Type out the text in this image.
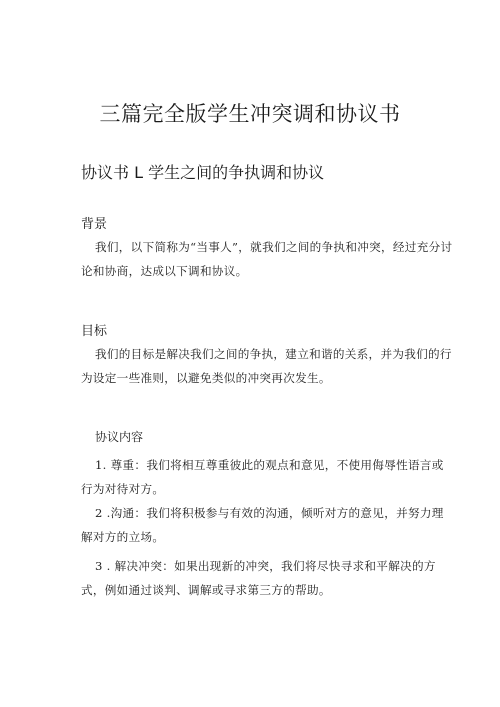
三篇完全版学生冲突调和协议书
协议书 L 学生之间的争执调和协议
背景

我们，以下简称为“当事人”，就我们之间的争执和冲突，经过充分讨论和协商，达成以下调和协议。

目标

我们的目标是解决我们之间的争执，建立和谐的关系，并为我们的行为设定一些准则，以避免类似的冲突再次发生。

协议内容

1. 尊重：我们将相互尊重彼此的观点和意见，不使用侮辱性语言或行为对待对方。

2 .沟通：我们将积极参与有效的沟通，倾听对方的意见，并努力理解对方的立场。

3 . 解决冲突：如果出现新的冲突，我们将尽快寻求和平解决的方式，例如通过谈判、调解或寻求第三方的帮助。
